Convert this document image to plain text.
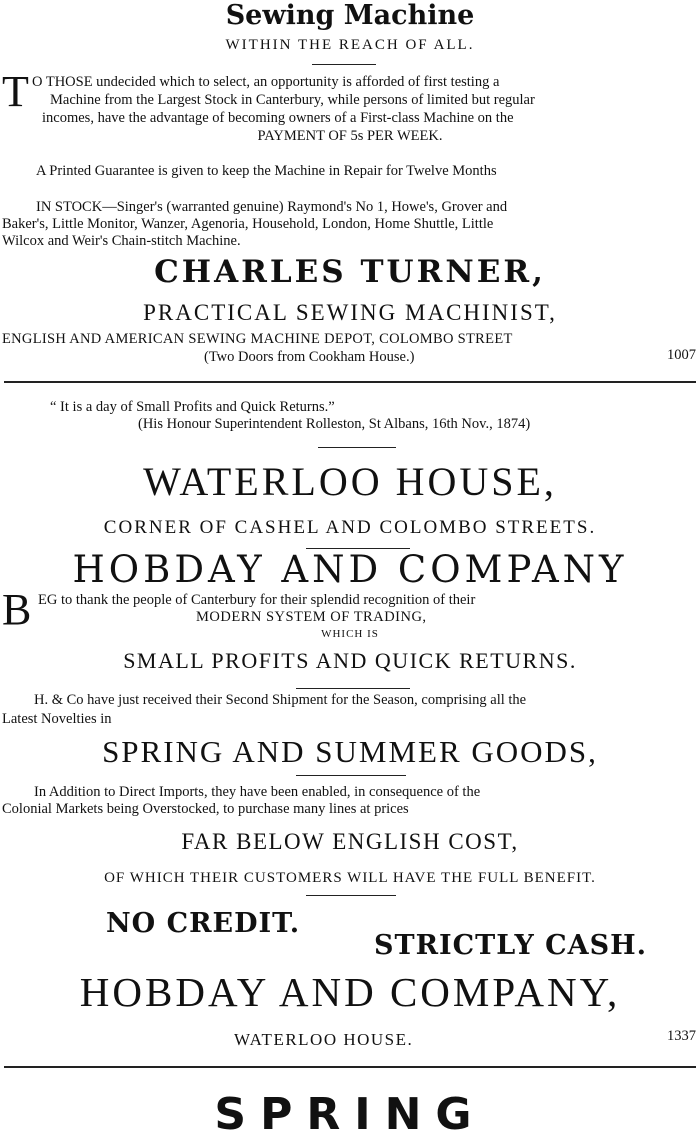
Sewing Machine
WITHIN THE REACH OF ALL.
T O THOSE undecided which to select, an opportunity is afforded of first testing a
Machine from the Largest Stock in Canterbury, while persons of limited but regular
incomes, have the advantage of becoming owners of a First-class Machine on the
PAYMENT OF 5s PER WEEK.
A Printed Guarantee is given to keep the Machine in Repair for Twelve Months
IN STOCK—Singer's (warranted genuine) Raymond's No 1, Howe's, Grover and
Baker's, Little Monitor, Wanzer, Agenoria, Household, London, Home Shuttle, Little
Wilcox and Weir's Chain-stitch Machine.
CHARLES TURNER,
PRACTICAL SEWING MACHINIST,
ENGLISH AND AMERICAN SEWING MACHINE DEPOT, COLOMBO STREET
(Two Doors from Cookham House.)	1007
“ It is a day of Small Profits and Quick Returns.”
(His Honour Superintendent Rolleston, St Albans, 16th Nov., 1874)
WATERLOO HOUSE,
CORNER OF CASHEL AND COLOMBO STREETS.
HOBDAY AND COMPANY
B EG to thank the people of Canterbury for their splendid recognition of their
MODERN SYSTEM OF TRADING,
WHICH IS
SMALL PROFITS AND QUICK RETURNS.
H. & Co have just received their Second Shipment for the Season, comprising all the
Latest Novelties in
SPRING AND SUMMER GOODS,
In Addition to Direct Imports, they have been enabled, in consequence of the
Colonial Markets being Overstocked, to purchase many lines at prices
FAR BELOW ENGLISH COST,
OF WHICH THEIR CUSTOMERS WILL HAVE THE FULL BENEFIT.
NO CREDIT.
STRICTLY CASH.
HOBDAY AND COMPANY,
WATERLOO HOUSE.	1337
SPRING
